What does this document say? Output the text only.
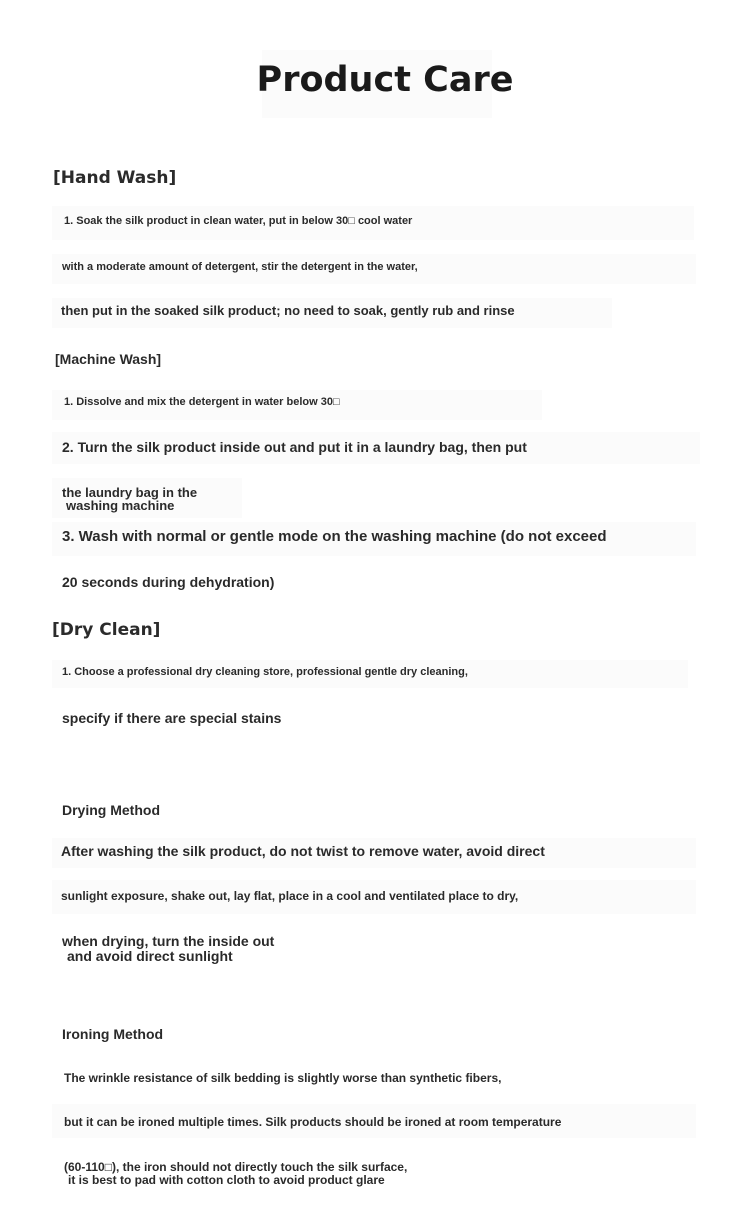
Product Care
[Hand Wash]
1. Soak the silk product in clean water, put in below 30□ cool water
with a moderate amount of detergent, stir the detergent in the water,
then put in the soaked silk product; no need to soak, gently rub and rinse
[Machine Wash]
1. Dissolve and mix the detergent in water below 30□
2. Turn the silk product inside out and put it in a laundry bag, then put
the laundry bag in the
washing machine
3. Wash with normal or gentle mode on the washing machine (do not exceed
20 seconds during dehydration)
[Dry Clean]
1. Choose a professional dry cleaning store, professional gentle dry cleaning,
specify if there are special stains
Drying Method
After washing the silk product, do not twist to remove water, avoid direct
sunlight exposure, shake out, lay flat, place in a cool and ventilated place to dry,
when drying, turn the inside out
and avoid direct sunlight
Ironing Method
The wrinkle resistance of silk bedding is slightly worse than synthetic fibers,
but it can be ironed multiple times. Silk products should be ironed at room temperature
(60-110□), the iron should not directly touch the silk surface,
it is best to pad with cotton cloth to avoid product glare
